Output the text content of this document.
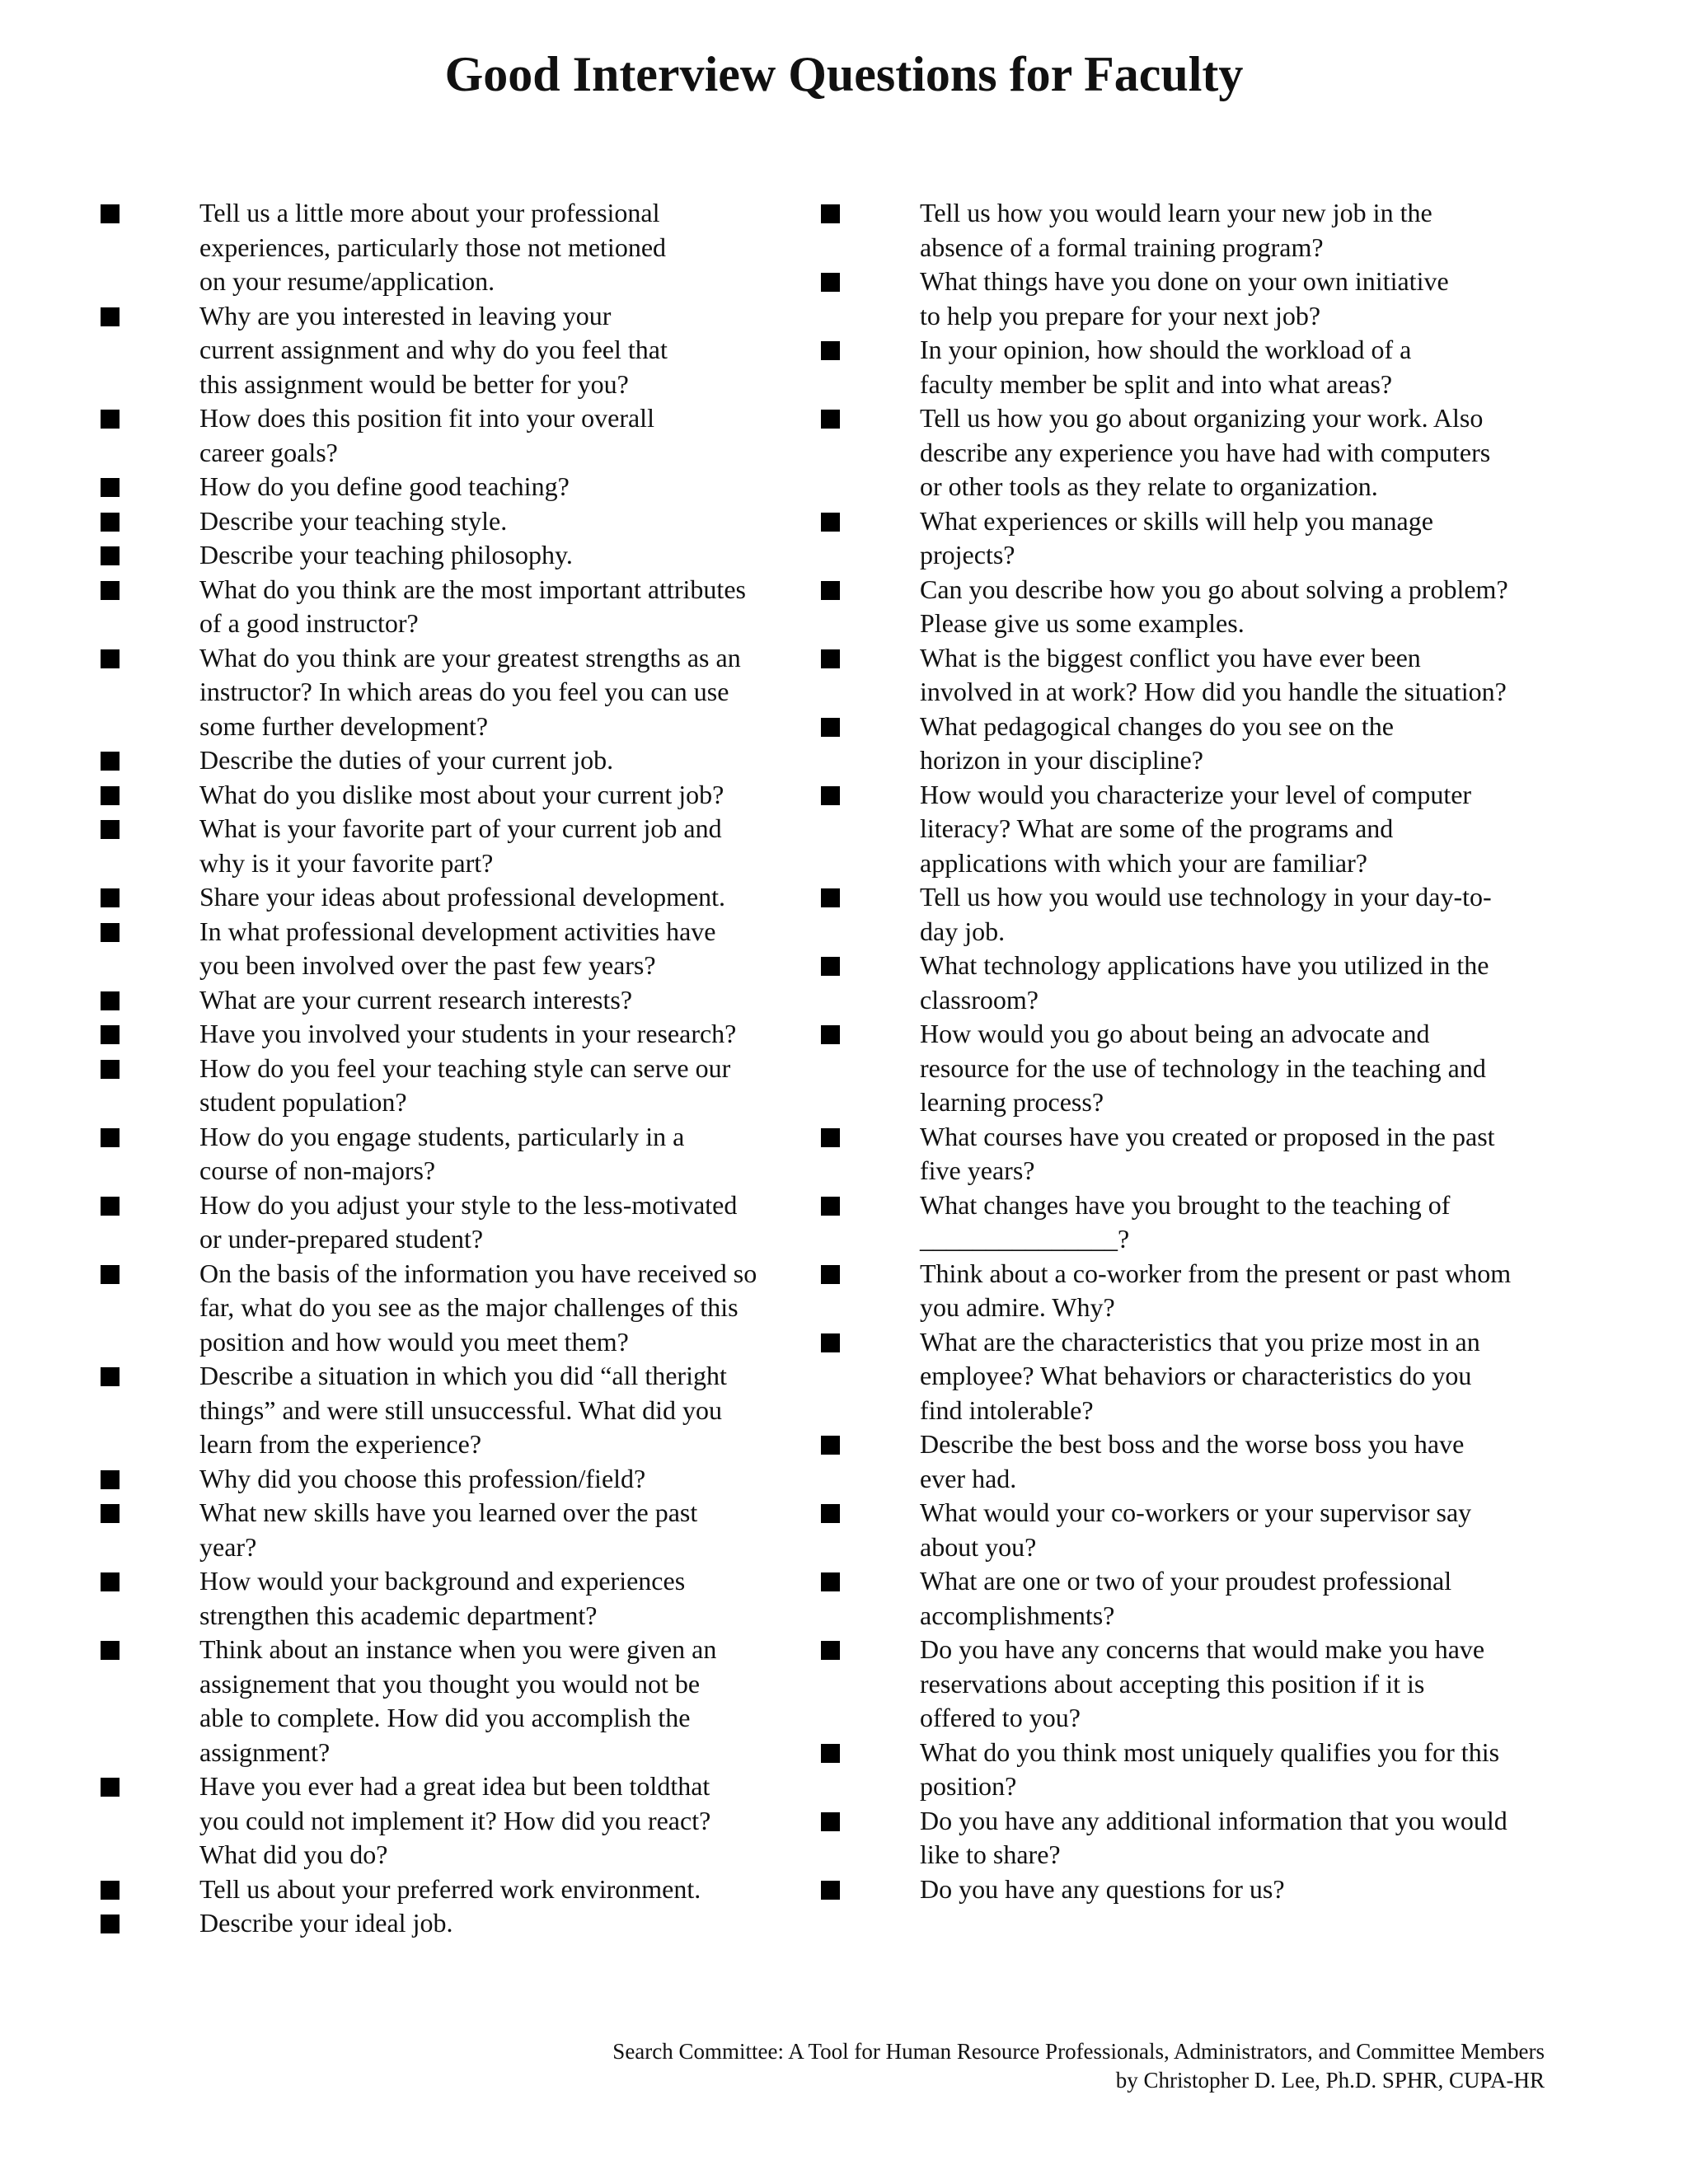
Good Interview Questions for Faculty
Tell us a little more about your professional
experiences, particularly those not metioned
on your resume/application.
Why are you interested in leaving your
current assignment and why do you feel that
this assignment would be better for you?
How does this position fit into your overall
career goals?
How do you define good teaching?
Describe your teaching style.
Describe your teaching philosophy.
What do you think are the most important attributes
of a good instructor?
What do you think are your greatest strengths as an
instructor? In which areas do you feel you can use
some further development?
Describe the duties of your current job.
What do you dislike most about your current job?
What is your favorite part of your current job and
why is it your favorite part?
Share your ideas about professional development.
In what professional development activities have
you been involved over the past few years?
What are your current research interests?
Have you involved your students in your research?
How do you feel your teaching style can serve our
student population?
How do you engage students, particularly in a
course of non-majors?
How do you adjust your style to the less-motivated
or under-prepared student?
On the basis of the information you have received so
far, what do you see as the major challenges of this
position and how would you meet them?
Describe a situation in which you did “all theright
things” and were still unsuccessful. What did you
learn from the experience?
Why did you choose this profession/field?
What new skills have you learned over the past
year?
How would your background and experiences
strengthen this academic department?
Think about an instance when you were given an
assignement that you thought you would not be
able to complete. How did you accomplish the
assignment?
Have you ever had a great idea but been toldthat
you could not implement it? How did you react?
What did you do?
Tell us about your preferred work environment.
Describe your ideal job.
Tell us how you would learn your new job in the
absence of a formal training program?
What things have you done on your own initiative
to help you prepare for your next job?
In your opinion, how should the workload of a
faculty member be split and into what areas?
Tell us how you go about organizing your work. Also
describe any experience you have had with computers
or other tools as they relate to organization.
What experiences or skills will help you manage
projects?
Can you describe how you go about solving a problem?
Please give us some examples.
What is the biggest conflict you have ever been
involved in at work? How did you handle the situation?
What pedagogical changes do you see on the
horizon in your discipline?
How would you characterize your level of computer
literacy? What are some of the programs and
applications with which your are familiar?
Tell us how you would use technology in your day-to-
day job.
What technology applications have you utilized in the
classroom?
How would you go about being an advocate and
resource for the use of technology in the teaching and
learning process?
What courses have you created or proposed in the past
five years?
What changes have you brought to the teaching of
_______________?
Think about a co-worker from the present or past whom
you admire. Why?
What are the characteristics that you prize most in an
employee? What behaviors or characteristics do you
find intolerable?
Describe the best boss and the worse boss you have
ever had.
What would your co-workers or your supervisor say
about you?
What are one or two of your proudest professional
accomplishments?
Do you have any concerns that would make you have
reservations about accepting this position if it is
offered to you?
What do you think most uniquely qualifies you for this
position?
Do you have any additional information that you would
like to share?
Do you have any questions for us?
Search Committee: A Tool for Human Resource Professionals, Administrators, and Committee Members
by Christopher D. Lee, Ph.D. SPHR, CUPA-HR
